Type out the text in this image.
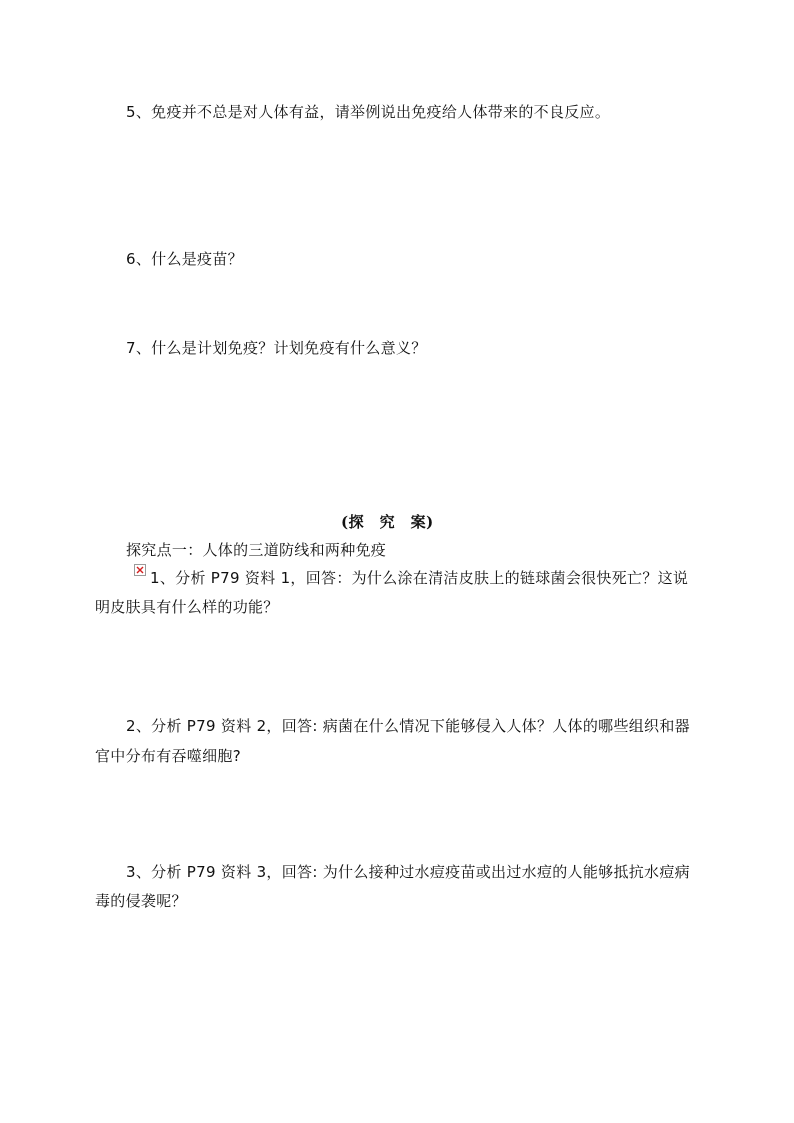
5、免疫并不总是对人体有益，请举例说出免疫给人体带来的不良反应。
6、什么是疫苗？
7、什么是计划免疫？计划免疫有什么意义？
(探　究　案)
探究点一：人体的三道防线和两种免疫
1、分析 P79 资料 1，回答：为什么涂在清洁皮肤上的链球菌会很快死亡？这说
明皮肤具有什么样的功能？
2、分析 P79 资料 2，回答: 病菌在什么情况下能够侵入人体？人体的哪些组织和器
官中分布有吞噬细胞?
3、分析 P79 资料 3，回答: 为什么接种过水痘疫苗或出过水痘的人能够抵抗水痘病
毒的侵袭呢？
